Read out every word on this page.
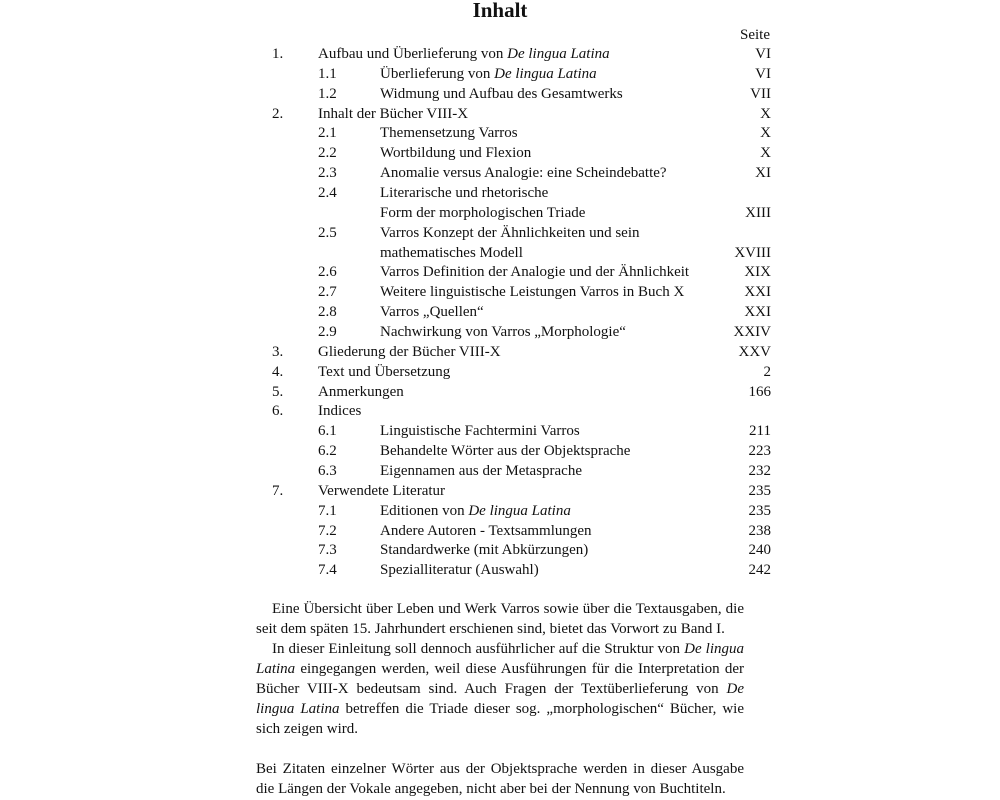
Inhalt
Seite
1. Aufbau und Überlieferung von De lingua Latina	VI
1.1	Überlieferung von De lingua Latina	VI
1.2	Widmung und Aufbau des Gesamtwerks	VII
2. Inhalt der Bücher VIII-X	X
2.1	Themensetzung Varros	X
2.2	Wortbildung und Flexion	X
2.3	Anomalie versus Analogie: eine Scheindebatte?	XI
2.4	Literarische und rhetorische
Form der morphologischen Triade	XIII
2.5	Varros Konzept der Ähnlichkeiten und sein
mathematisches Modell	XVIII
2.6	Varros Definition der Analogie und der Ähnlichkeit	XIX
2.7	Weitere linguistische Leistungen Varros in Buch X	XXI
2.8	Varros „Quellen“	XXI
2.9	Nachwirkung von Varros „Morphologie“	XXIV
3. Gliederung der Bücher VIII-X	XXV
4. Text und Übersetzung	2
5. Anmerkungen	166
6. Indices
6.1	Linguistische Fachtermini Varros	211
6.2	Behandelte Wörter aus der Objektsprache	223
6.3	Eigennamen aus der Metasprache	232
7. Verwendete Literatur	235
7.1	Editionen von De lingua Latina	235
7.2	Andere Autoren - Textsammlungen	238
7.3	Standardwerke (mit Abkürzungen)	240
7.4	Spezialliteratur (Auswahl)	242

Eine Übersicht über Leben und Werk Varros sowie über die Textausgaben, die seit dem späten 15. Jahrhundert erschienen sind, bietet das Vorwort zu Band I.

In dieser Einleitung soll dennoch ausführlicher auf die Struktur von De lingua Latina eingegangen werden, weil diese Ausführungen für die Interpretation der Bücher VIII-X bedeutsam sind. Auch Fragen der Textüberlieferung von De lingua Latina betreffen die Triade dieser sog. „morphologischen“ Bücher, wie sich zeigen wird.

Bei Zitaten einzelner Wörter aus der Objektsprache werden in dieser Ausgabe die Längen der Vokale angegeben, nicht aber bei der Nennung von Buchtiteln.
